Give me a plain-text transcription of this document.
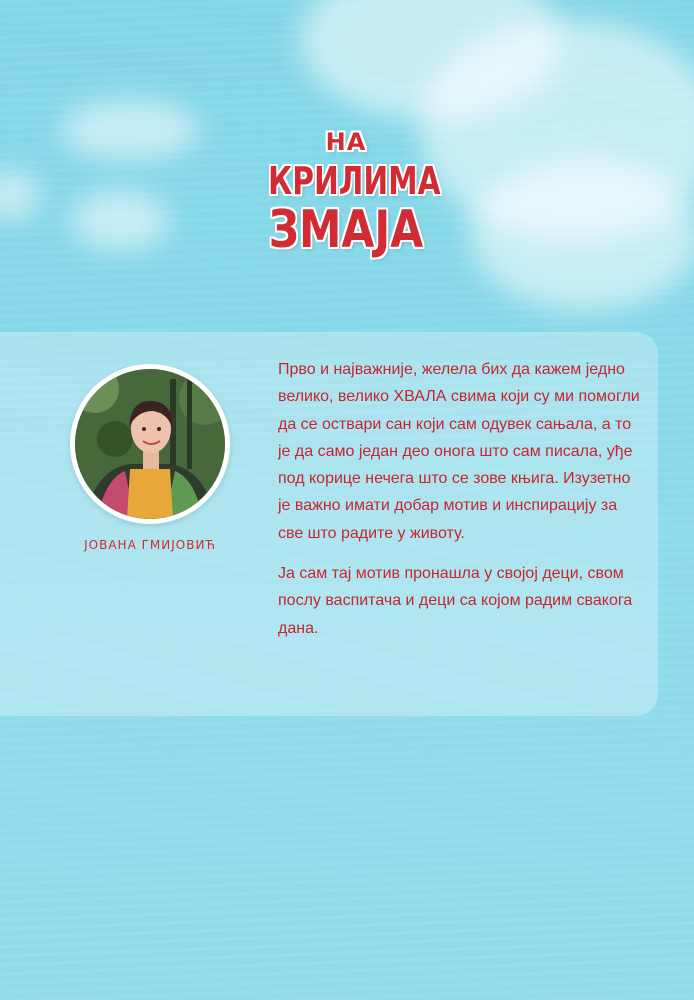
НА
КРИЛИМА
ЗМАЈА
ЈОВАНА ГМИЈОВИЋ

Прво и најважније, желела бих да кажем једно велико, велико ХВАЛА свима који су ми помогли да се оствари сан који сам одувек сањала, а то је да само један део онога што сам писала, уђе под корице нечега што се зове књига. Изузетно је важно имати добар мотив и инспирацију за све што радите у животу.

Ја сам тај мотив пронашла у својој деци, свом послу васпитача и деци са којом радим свакога дана.
